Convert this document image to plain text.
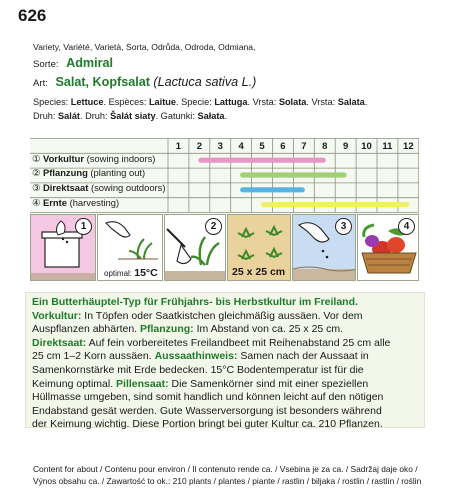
626
Variety, Variété, Varietà, Sorta, Odrůda, Odroda, Odmiana,
Sorte: Admiral
Art: Salat, Kopfsalat (Lactuca sativa L.)
Species: Lettuce. Espèces: Laitue. Specie: Lattuga. Vrsta: Solata. Vrsta: Salata.
Druh: Salát. Druh: Šalát siaty. Gatunki: Sałata.
1 2 3 4 5 6 7 8 9 10 11 12
① Vorkultur (sowing indoors)
② Pflanzung (planting out)
③ Direktsaat (sowing outdoors)
④ Ernte (harvesting)
1
optimal: 15°C
2
25 x 25 cm
3	4

Ein Butterhäuptel-Typ für Frühjahrs- bis Herbstkultur im Freiland.

Vorkultur: In Töpfen oder Saatkistchen gleichmäßig aussäen. Vor dem

Auspflanzen abhärten. Pflanzung: Im Abstand von ca. 25 x 25 cm.

Direktsaat: Auf fein vorbereitetes Freilandbeet mit Reihenabstand 25 cm alle

25 cm 1–2 Korn aussäen. Aussaathinweis: Samen nach der Aussaat in

Samenkornstärke mit Erde bedecken. 15°C Bodentemperatur ist für die

Keimung optimal. Pillensaat: Die Samenkörner sind mit einer speziellen

Hüllmasse umgeben, sind somit handlich und können leicht auf den nötigen

Endabstand gesät werden. Gute Wasserversorgung ist besonders während

der Keimung wichtig. Diese Portion bringt bei guter Kultur ca. 210 Pflanzen.

Content for about / Contenu pour environ / Il contenuto rende ca. / Vsebina je za ca. / Sadržaj daje oko /
Výnos obsahu ca. / Zawartość to ok.: 210 plants / plantes / piante / rastlin / biljaka / rostlin / rastlín / roślin
